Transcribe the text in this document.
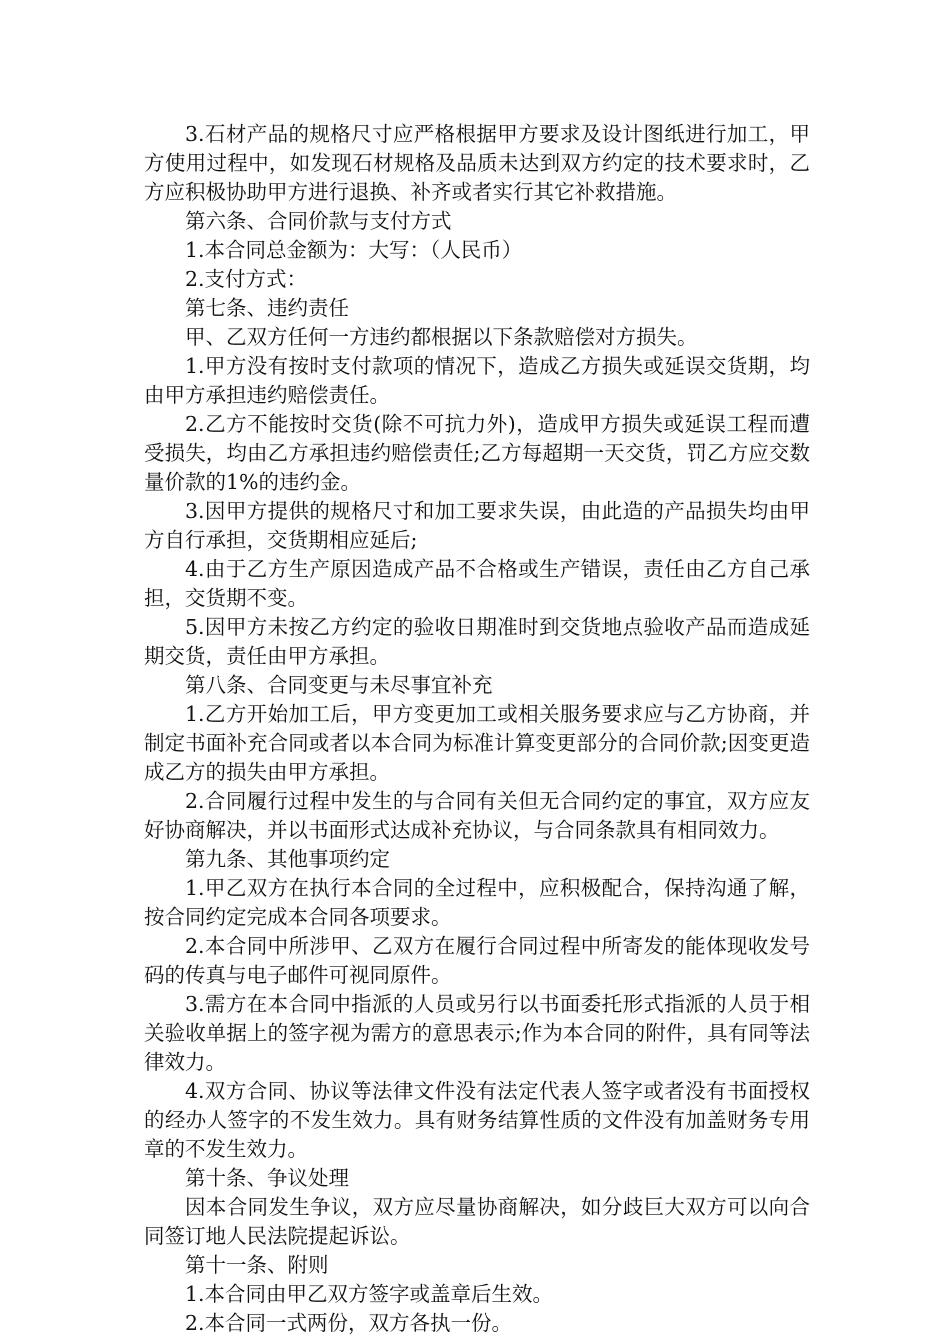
3.石材产品的规格尺寸应严格根据甲方要求及设计图纸进行加工，甲方使用过程中，如发现石材规格及品质未达到双方约定的技术要求时，乙方应积极协助甲方进行退换、补齐或者实行其它补救措施。

第六条、合同价款与支付方式

1.本合同总金额为：大写：（人民币）

2.支付方式：

第七条、违约责任

甲、乙双方任何一方违约都根据以下条款赔偿对方损失。

1.甲方没有按时支付款项的情况下，造成乙方损失或延误交货期，均由甲方承担违约赔偿责任。

2.乙方不能按时交货(除不可抗力外)，造成甲方损失或延误工程而遭受损失，均由乙方承担违约赔偿责任;乙方每超期一天交货，罚乙方应交数量价款的1%的违约金。

3.因甲方提供的规格尺寸和加工要求失误，由此造的产品损失均由甲方自行承担，交货期相应延后;

4.由于乙方生产原因造成产品不合格或生产错误，责任由乙方自己承担，交货期不变。

5.因甲方未按乙方约定的验收日期准时到交货地点验收产品而造成延期交货，责任由甲方承担。

第八条、合同变更与未尽事宜补充

1.乙方开始加工后，甲方变更加工或相关服务要求应与乙方协商，并制定书面补充合同或者以本合同为标准计算变更部分的合同价款;因变更造成乙方的损失由甲方承担。

2.合同履行过程中发生的与合同有关但无合同约定的事宜，双方应友好协商解决，并以书面形式达成补充协议，与合同条款具有相同效力。

第九条、其他事项约定

1.甲乙双方在执行本合同的全过程中，应积极配合，保持沟通了解，按合同约定完成本合同各项要求。

2.本合同中所涉甲、乙双方在履行合同过程中所寄发的能体现收发号码的传真与电子邮件可视同原件。

3.需方在本合同中指派的人员或另行以书面委托形式指派的人员于相关验收单据上的签字视为需方的意思表示;作为本合同的附件，具有同等法律效力。

4.双方合同、协议等法律文件没有法定代表人签字或者没有书面授权的经办人签字的不发生效力。具有财务结算性质的文件没有加盖财务专用章的不发生效力。

第十条、争议处理

因本合同发生争议，双方应尽量协商解决，如分歧巨大双方可以向合同签订地人民法院提起诉讼。

第十一条、附则

1.本合同由甲乙双方签字或盖章后生效。

2.本合同一式两份，双方各执一份。
